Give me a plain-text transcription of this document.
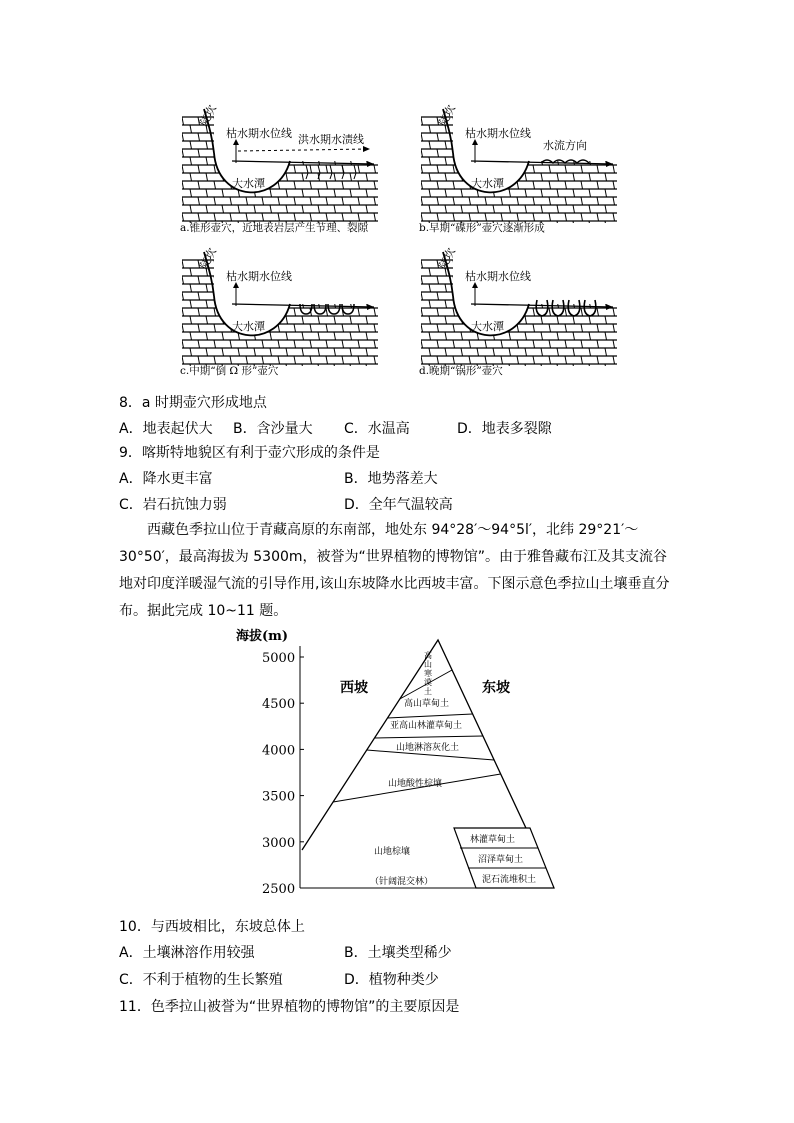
陡坎
枯水期水位线
大水潭
洪水期水渍线
a.锥形壶穴，近地表岩层产生节理、裂隙
陡坎
枯水期水位线
大水潭
水流方向
b.早期“碟形”壶穴逐渐形成
陡坎
枯水期水位线
大水潭
c.中期“倒 Ω 形”壶穴
陡坎
枯水期水位线
大水潭
d.晚期“锅形”壶穴
8．a 时期壶穴形成地点
A．地表起伏大 B．含沙量大 C．水温高	D．地表多裂隙
9．喀斯特地貌区有利于壶穴形成的条件是
A．降水更丰富	B．地势落差大
C．岩石抗蚀力弱	D．全年气温较高
西藏色季拉山位于青藏高原的东南部，地处东 94°28′～94°5l′，北纬 29°21′～30°50′，最高海拔为 5300m，被誉为“世界植物的博物馆”。由于雅鲁藏布江及其支流谷地对印度洋暖湿气流的引导作用,该山东坡降水比西坡丰富。下图示意色季拉山土壤垂直分布。据此完成 10~11 题。
海拔(m)
5000
4500
4000
3500
3000
2500
高
山
寒
漠
土
高山草甸土
亚高山林灌草甸土
山地淋溶灰化土
山地酸性棕壤
山地棕壤
（针阔混交林）
西坡	东坡
林灌草甸土
沼泽草甸土
泥石流堆积土
10．与西坡相比，东坡总体上
A．土壤淋溶作用较强	B．土壤类型稀少
C．不利于植物的生长繁殖	D．植物种类少
11．色季拉山被誉为“世界植物的博物馆”的主要原因是
